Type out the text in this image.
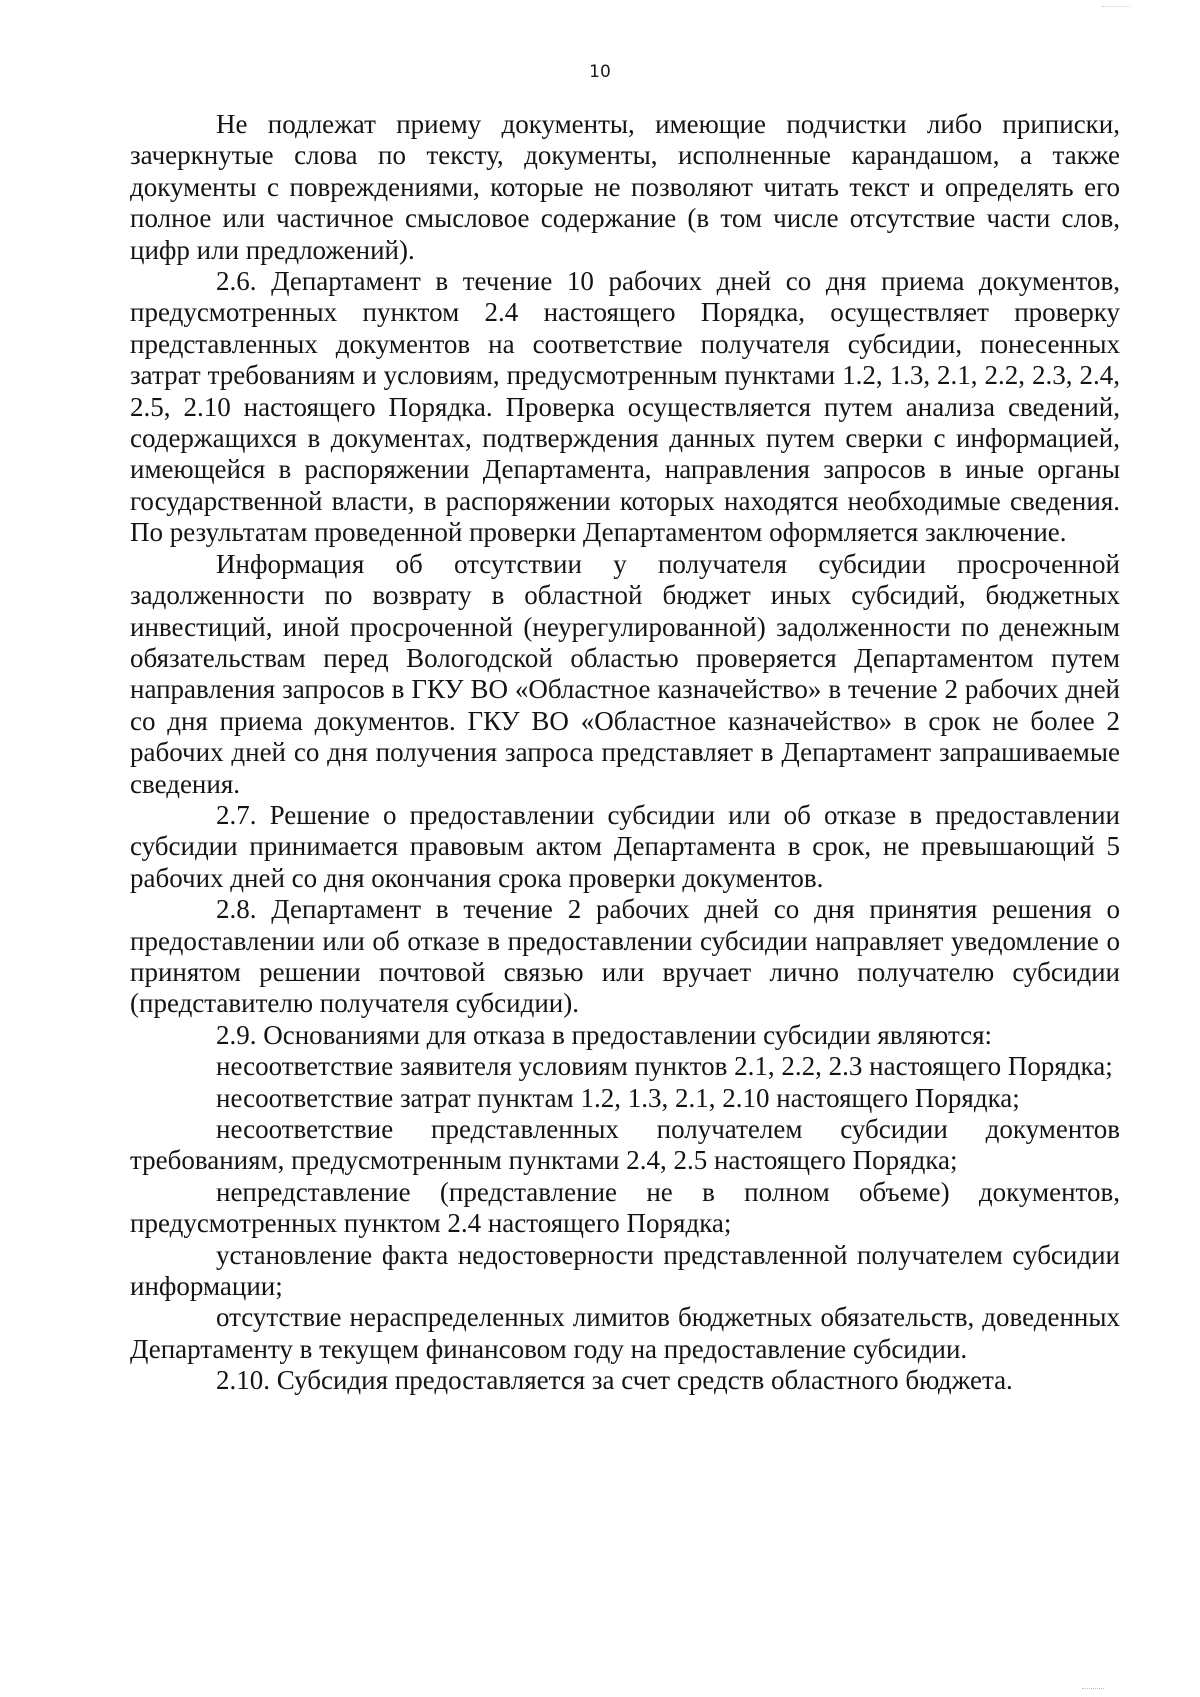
10

Не подлежат приему документы, имеющие подчистки либо приписки, зачеркнутые слова по тексту, документы, исполненные карандашом, а также документы с повреждениями, которые не позволяют читать текст и определять его полное или частичное смысловое содержание (в том числе отсутствие части слов, цифр или предложений).

2.6. Департамент в течение 10 рабочих дней со дня приема документов, предусмотренных пунктом 2.4 настоящего Порядка, осуществляет проверку представленных документов на соответствие получателя субсидии, понесенных затрат требованиям и условиям, предусмотренным пунктами 1.2, 1.3, 2.1, 2.2, 2.3, 2.4, 2.5, 2.10 настоящего Порядка. Проверка осуществляется путем анализа сведений, содержащихся в документах, подтверждения данных путем сверки с информацией, имеющейся в распоряжении Департамента, направления запросов в иные органы государственной власти, в распоряжении которых находятся необходимые сведения. По результатам проведенной проверки Департаментом оформляется заключение.

Информация об отсутствии у получателя субсидии просроченной задолженности по возврату в областной бюджет иных субсидий, бюджетных инвестиций, иной просроченной (неурегулированной) задолженности по денежным обязательствам перед Вологодской областью проверяется Департаментом путем направления запросов в ГКУ ВО «Областное казначейство» в течение 2 рабочих дней со дня приема документов. ГКУ ВО «Областное казначейство» в срок не более 2 рабочих дней со дня получения запроса представляет в Департамент запрашиваемые сведения.

2.7. Решение о предоставлении субсидии или об отказе в предоставлении субсидии принимается правовым актом Департамента в срок, не превышающий 5 рабочих дней со дня окончания срока проверки документов.

2.8. Департамент в течение 2 рабочих дней со дня принятия решения о предоставлении или об отказе в предоставлении субсидии направляет уведомление о принятом решении почтовой связью или вручает лично получателю субсидии (представителю получателя субсидии).

2.9. Основаниями для отказа в предоставлении субсидии являются:

несоответствие заявителя условиям пунктов 2.1, 2.2, 2.3 настоящего Порядка;

несоответствие затрат пунктам 1.2, 1.3, 2.1, 2.10 настоящего Порядка;

несоответствие представленных получателем субсидии документов требованиям, предусмотренным пунктами 2.4, 2.5 настоящего Порядка;

непредставление (представление не в полном объеме) документов, предусмотренных пунктом 2.4 настоящего Порядка;

установление факта недостоверности представленной получателем субсидии информации;

отсутствие нераспределенных лимитов бюджетных обязательств, доведенных Департаменту в текущем финансовом году на предоставление субсидии.

2.10. Субсидия предоставляется за счет средств областного бюджета.
